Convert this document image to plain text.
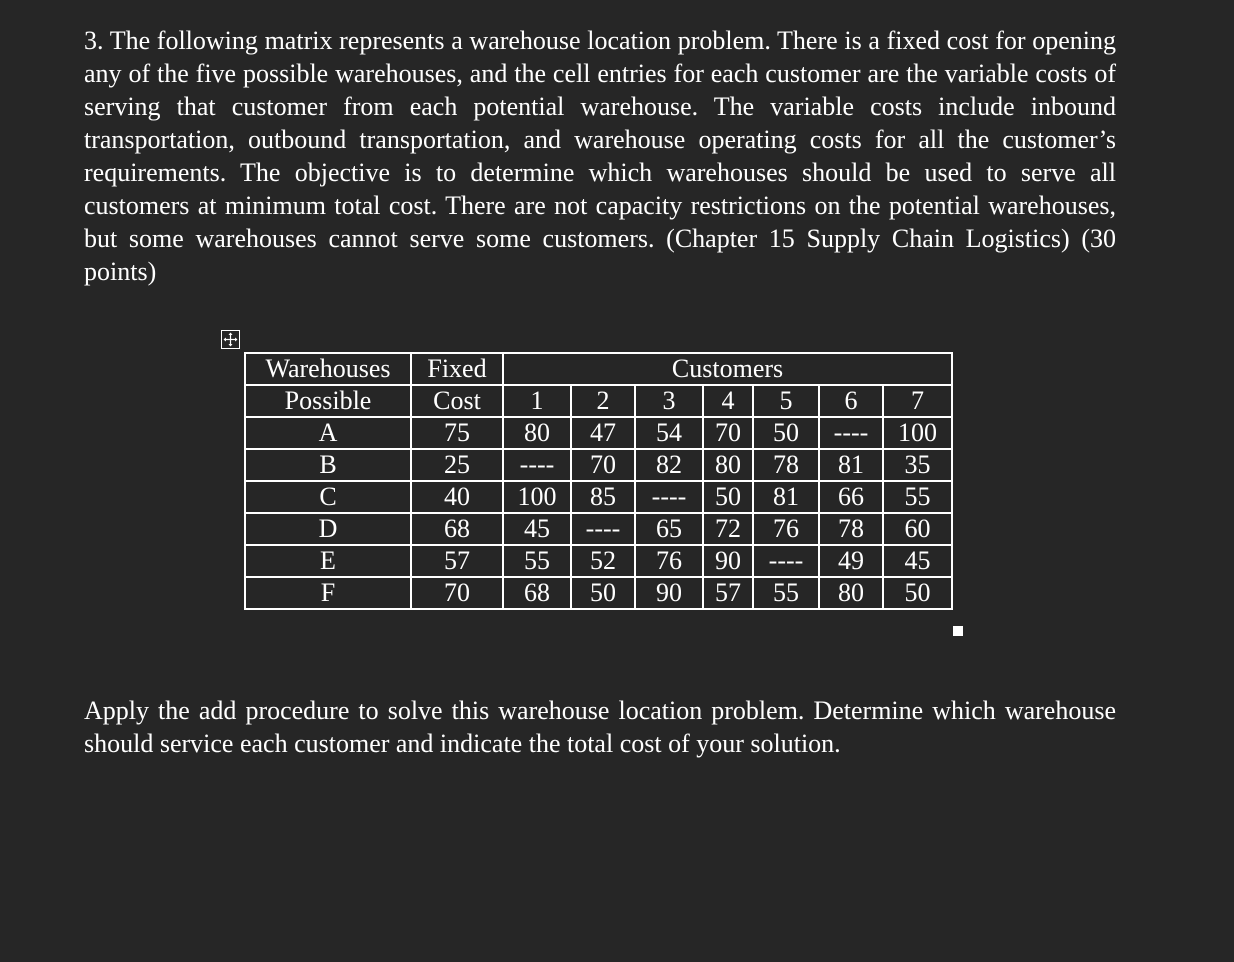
3. The following matrix represents a warehouse location problem. There is a fixed cost for opening any of the five possible warehouses, and the cell entries for each customer are the variable costs of serving that customer from each potential warehouse. The variable costs include inbound transportation, outbound transportation, and warehouse operating costs for all the customer’s requirements. The objective is to determine which warehouses should be used to serve all customers at minimum total cost. There are not capacity restrictions on the potential warehouses, but some warehouses cannot serve some customers. (Chapter 15 Supply Chain Logistics) (30 points)

Warehouses	Fixed	Customers						
Possible	Cost	1	2	3	4	5	6	7
A	75	80	47	54	70	50	----	100
B	25	----	70	82	80	78	81	35
C	40	100	85	----	50	81	66	55
D	68	45	----	65	72	76	78	60
E	57	55	52	76	90	----	49	45
F	70	68	50	90	57	55	80	50

Apply the add procedure to solve this warehouse location problem. Determine which warehouse should service each customer and indicate the total cost of your solution.
